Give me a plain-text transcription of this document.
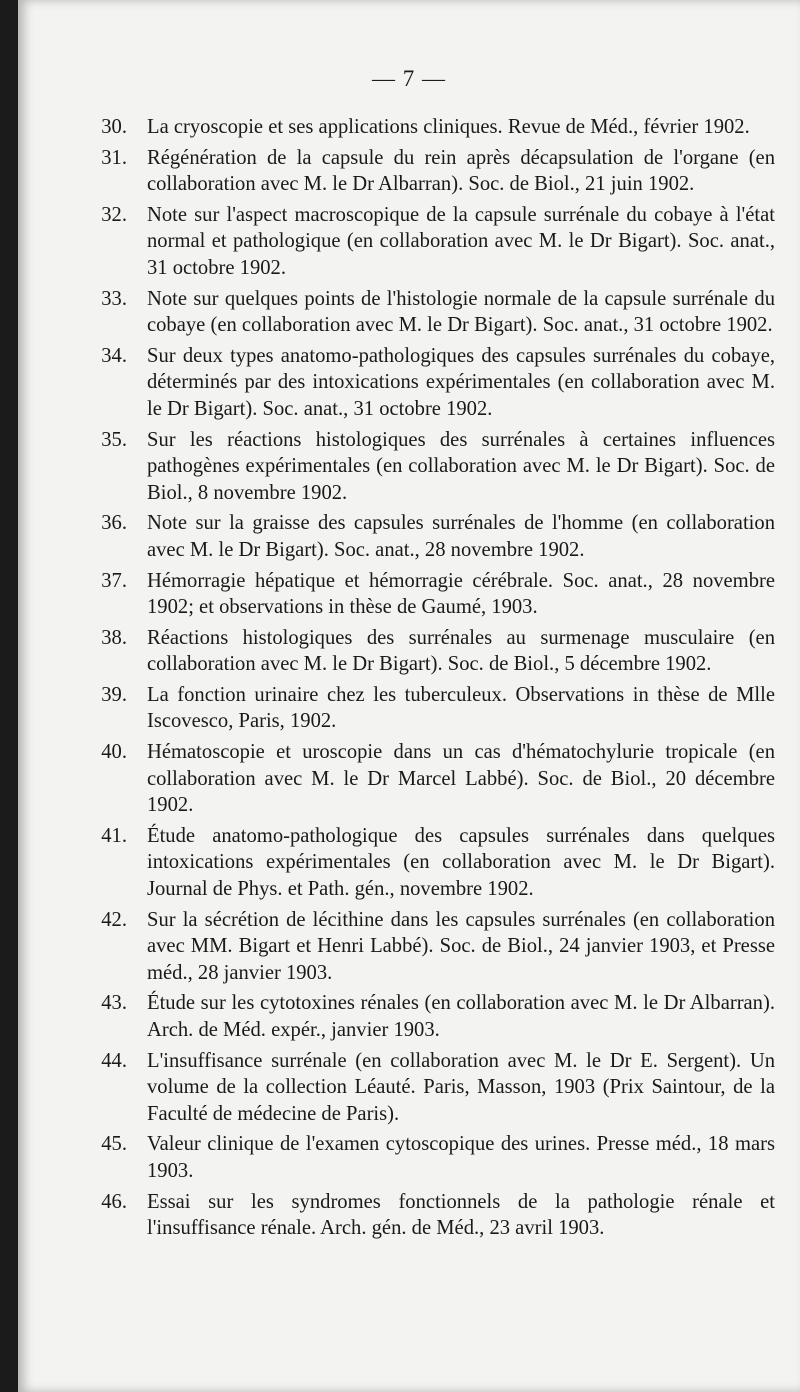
— 7 —

30. La cryoscopie et ses applications cliniques. Revue de Méd., février 1902.

31. Régénération de la capsule du rein après décapsulation de l'organe (en collaboration avec M. le Dr Albarran). Soc. de Biol., 21 juin 1902.

32. Note sur l'aspect macroscopique de la capsule surrénale du cobaye à l'état normal et pathologique (en collaboration avec M. le Dr Bigart). Soc. anat., 31 octobre 1902.

33. Note sur quelques points de l'histologie normale de la capsule surrénale du cobaye (en collaboration avec M. le Dr Bigart). Soc. anat., 31 octobre 1902.

34. Sur deux types anatomo-pathologiques des capsules surrénales du cobaye, déterminés par des intoxications expérimentales (en collaboration avec M. le Dr Bigart). Soc. anat., 31 octobre 1902.

35. Sur les réactions histologiques des surrénales à certaines influences pathogènes expérimentales (en collaboration avec M. le Dr Bigart). Soc. de Biol., 8 novembre 1902.

36. Note sur la graisse des capsules surrénales de l'homme (en collaboration avec M. le Dr Bigart). Soc. anat., 28 novembre 1902.

37. Hémorragie hépatique et hémorragie cérébrale. Soc. anat., 28 novembre 1902; et observations in thèse de Gaumé, 1903.

38. Réactions histologiques des surrénales au surmenage musculaire (en collaboration avec M. le Dr Bigart). Soc. de Biol., 5 décembre 1902.

39. La fonction urinaire chez les tuberculeux. Observations in thèse de Mlle Iscovesco, Paris, 1902.

40. Hématoscopie et uroscopie dans un cas d'hématochylurie tropicale (en collaboration avec M. le Dr Marcel Labbé). Soc. de Biol., 20 décembre 1902.

41. Étude anatomo-pathologique des capsules surrénales dans quelques intoxications expérimentales (en collaboration avec M. le Dr Bigart). Journal de Phys. et Path. gén., novembre 1902.

42. Sur la sécrétion de lécithine dans les capsules surrénales (en collaboration avec MM. Bigart et Henri Labbé). Soc. de Biol., 24 janvier 1903, et Presse méd., 28 janvier 1903.

43. Étude sur les cytotoxines rénales (en collaboration avec M. le Dr Albarran). Arch. de Méd. expér., janvier 1903.

44. L'insuffisance surrénale (en collaboration avec M. le Dr E. Sergent). Un volume de la collection Léauté. Paris, Masson, 1903 (Prix Saintour, de la Faculté de médecine de Paris).

45. Valeur clinique de l'examen cytoscopique des urines. Presse méd., 18 mars 1903.

46. Essai sur les syndromes fonctionnels de la pathologie rénale et l'insuffisance rénale. Arch. gén. de Méd., 23 avril 1903.
